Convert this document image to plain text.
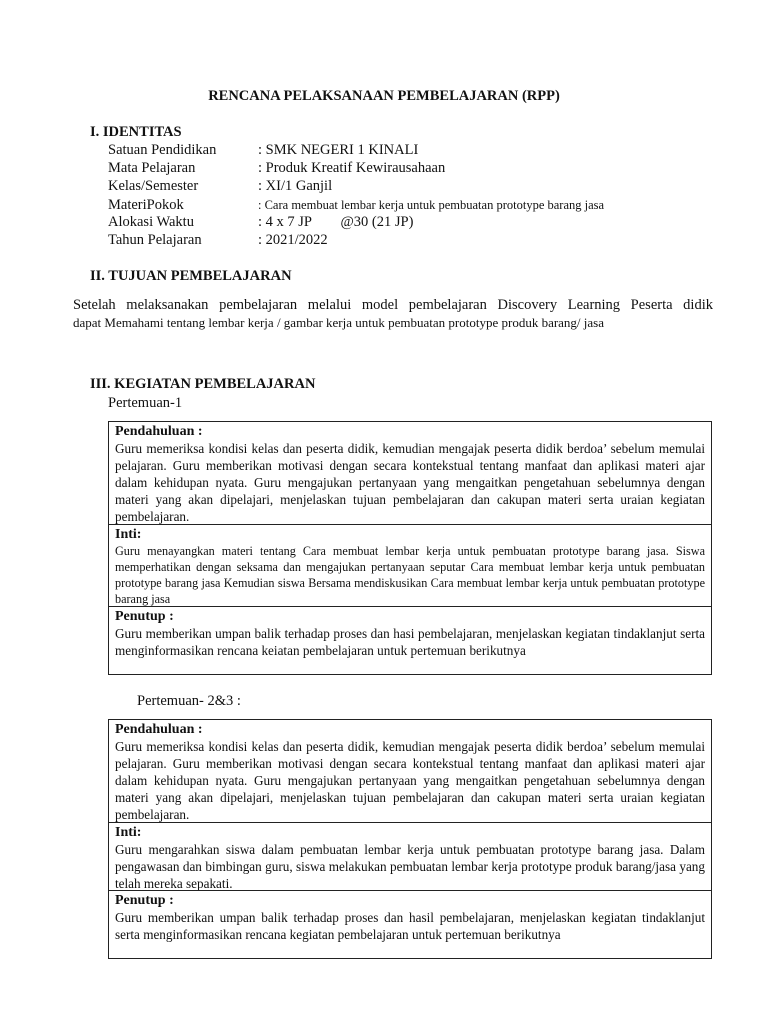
RENCANA PELAKSANAAN PEMBELAJARAN (RPP)
I. IDENTITAS
Satuan Pendidikan	: SMK NEGERI 1 KINALI
Mata Pelajaran	: Produk Kreatif Kewirausahaan
Kelas/Semester	: XI/1 Ganjil
MateriPokok	: Cara membuat lembar kerja untuk pembuatan prototype barang jasa
Alokasi Waktu	: 4 x 7 JP        @30 (21 JP)
Tahun Pelajaran	: 2021/2022
II. TUJUAN PEMBELAJARAN
Setelah melaksanakan pembelajaran melalui model pembelajaran Discovery Learning Peserta didik
dapat Memahami tentang lembar kerja / gambar kerja untuk pembuatan prototype produk barang/ jasa
III. KEGIATAN PEMBELAJARAN
Pertemuan-1
Pendahuluan :
Guru memeriksa kondisi kelas dan peserta didik, kemudian mengajak peserta didik berdoa’ sebelum memulai pelajaran. Guru memberikan motivasi dengan secara kontekstual tentang manfaat dan aplikasi materi ajar dalam kehidupan nyata. Guru mengajukan pertanyaan yang mengaitkan pengetahuan sebelumnya dengan materi yang akan dipelajari, menjelaskan tujuan pembelajaran dan cakupan materi serta uraian kegiatan pembelajaran.
Inti:
Guru menayangkan materi tentang Cara membuat lembar kerja untuk pembuatan prototype barang jasa. Siswa memperhatikan dengan seksama dan mengajukan pertanyaan seputar Cara membuat lembar kerja untuk pembuatan prototype barang jasa Kemudian siswa Bersama mendiskusikan Cara membuat lembar kerja untuk pembuatan prototype barang jasa
Penutup :
Guru memberikan umpan balik terhadap proses dan hasi pembelajaran, menjelaskan kegiatan tindaklanjut serta menginformasikan rencana keiatan pembelajaran untuk pertemuan berikutnya
Pertemuan- 2&3 :
Pendahuluan :
Guru memeriksa kondisi kelas dan peserta didik, kemudian mengajak peserta didik berdoa’ sebelum memulai pelajaran. Guru memberikan motivasi dengan secara kontekstual tentang manfaat dan aplikasi materi ajar dalam kehidupan nyata. Guru mengajukan pertanyaan yang mengaitkan pengetahuan sebelumnya dengan materi yang akan dipelajari, menjelaskan tujuan pembelajaran dan cakupan materi serta uraian kegiatan pembelajaran.
Inti:
Guru mengarahkan siswa dalam pembuatan lembar kerja untuk pembuatan prototype barang jasa. Dalam pengawasan dan bimbingan guru, siswa melakukan pembuatan lembar kerja prototype produk barang/jasa yang telah mereka sepakati.
Penutup :
Guru memberikan umpan balik terhadap proses dan hasil pembelajaran, menjelaskan kegiatan tindaklanjut serta menginformasikan rencana kegiatan pembelajaran untuk pertemuan berikutnya
